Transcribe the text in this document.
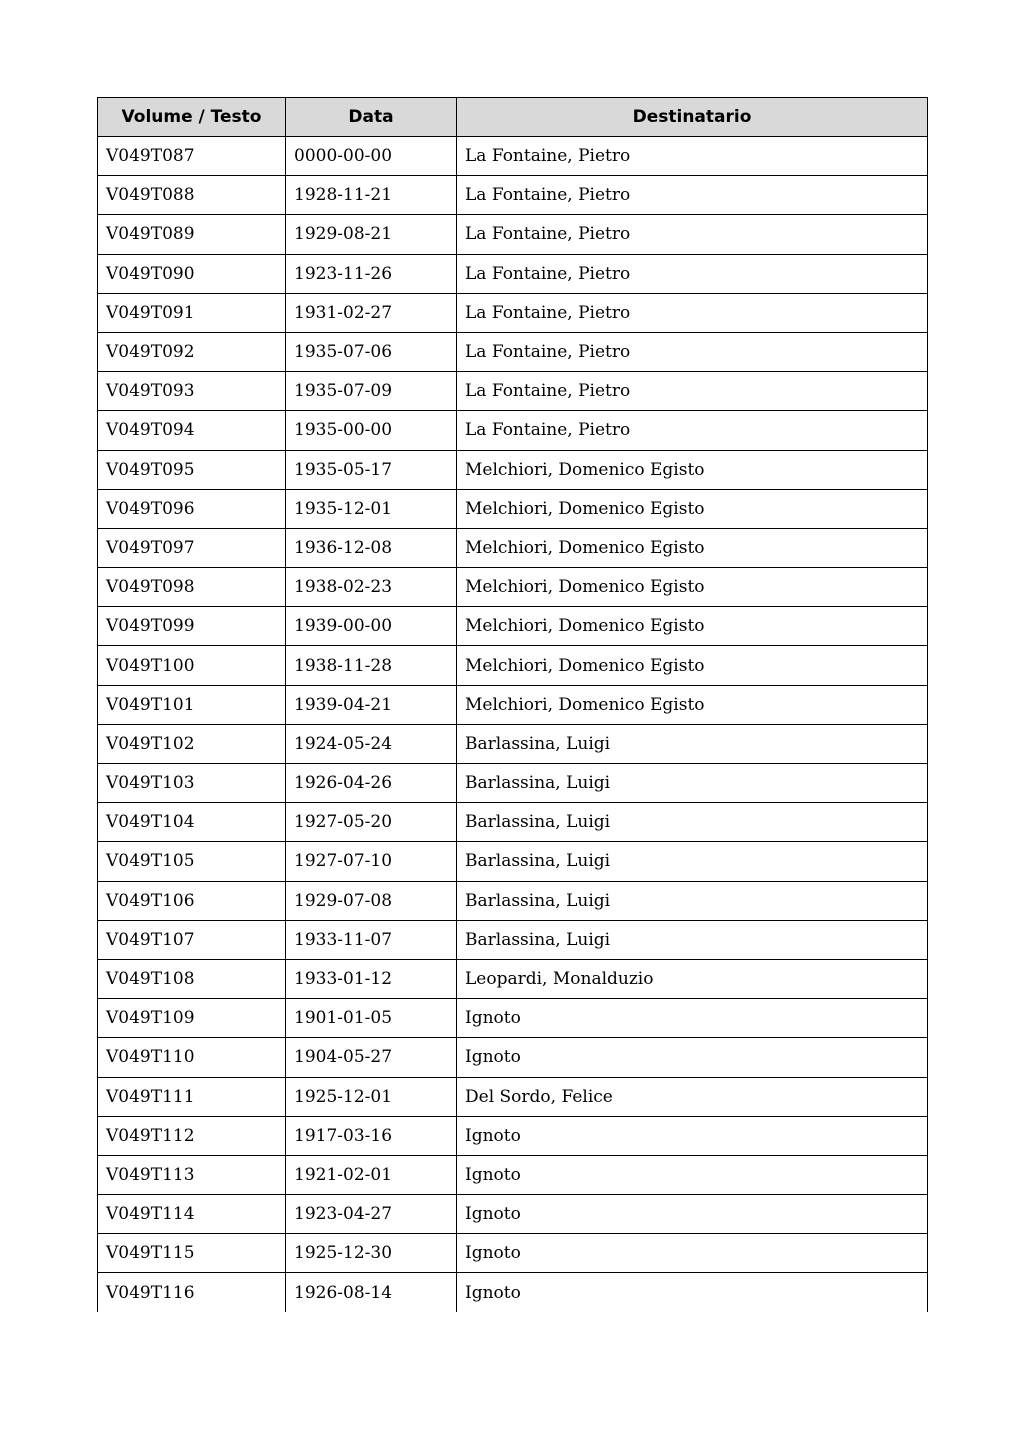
Volume / Testo	Data	Destinatario
V049T087	0000-00-00	La Fontaine, Pietro
V049T088	1928-11-21	La Fontaine, Pietro
V049T089	1929-08-21	La Fontaine, Pietro
V049T090	1923-11-26	La Fontaine, Pietro
V049T091	1931-02-27	La Fontaine, Pietro
V049T092	1935-07-06	La Fontaine, Pietro
V049T093	1935-07-09	La Fontaine, Pietro
V049T094	1935-00-00	La Fontaine, Pietro
V049T095	1935-05-17	Melchiori, Domenico Egisto
V049T096	1935-12-01	Melchiori, Domenico Egisto
V049T097	1936-12-08	Melchiori, Domenico Egisto
V049T098	1938-02-23	Melchiori, Domenico Egisto
V049T099	1939-00-00	Melchiori, Domenico Egisto
V049T100	1938-11-28	Melchiori, Domenico Egisto
V049T101	1939-04-21	Melchiori, Domenico Egisto
V049T102	1924-05-24	Barlassina, Luigi
V049T103	1926-04-26	Barlassina, Luigi
V049T104	1927-05-20	Barlassina, Luigi
V049T105	1927-07-10	Barlassina, Luigi
V049T106	1929-07-08	Barlassina, Luigi
V049T107	1933-11-07	Barlassina, Luigi
V049T108	1933-01-12	Leopardi, Monalduzio
V049T109	1901-01-05	Ignoto
V049T110	1904-05-27	Ignoto
V049T111	1925-12-01	Del Sordo, Felice
V049T112	1917-03-16	Ignoto
V049T113	1921-02-01	Ignoto
V049T114	1923-04-27	Ignoto
V049T115	1925-12-30	Ignoto
V049T116	1926-08-14	Ignoto
